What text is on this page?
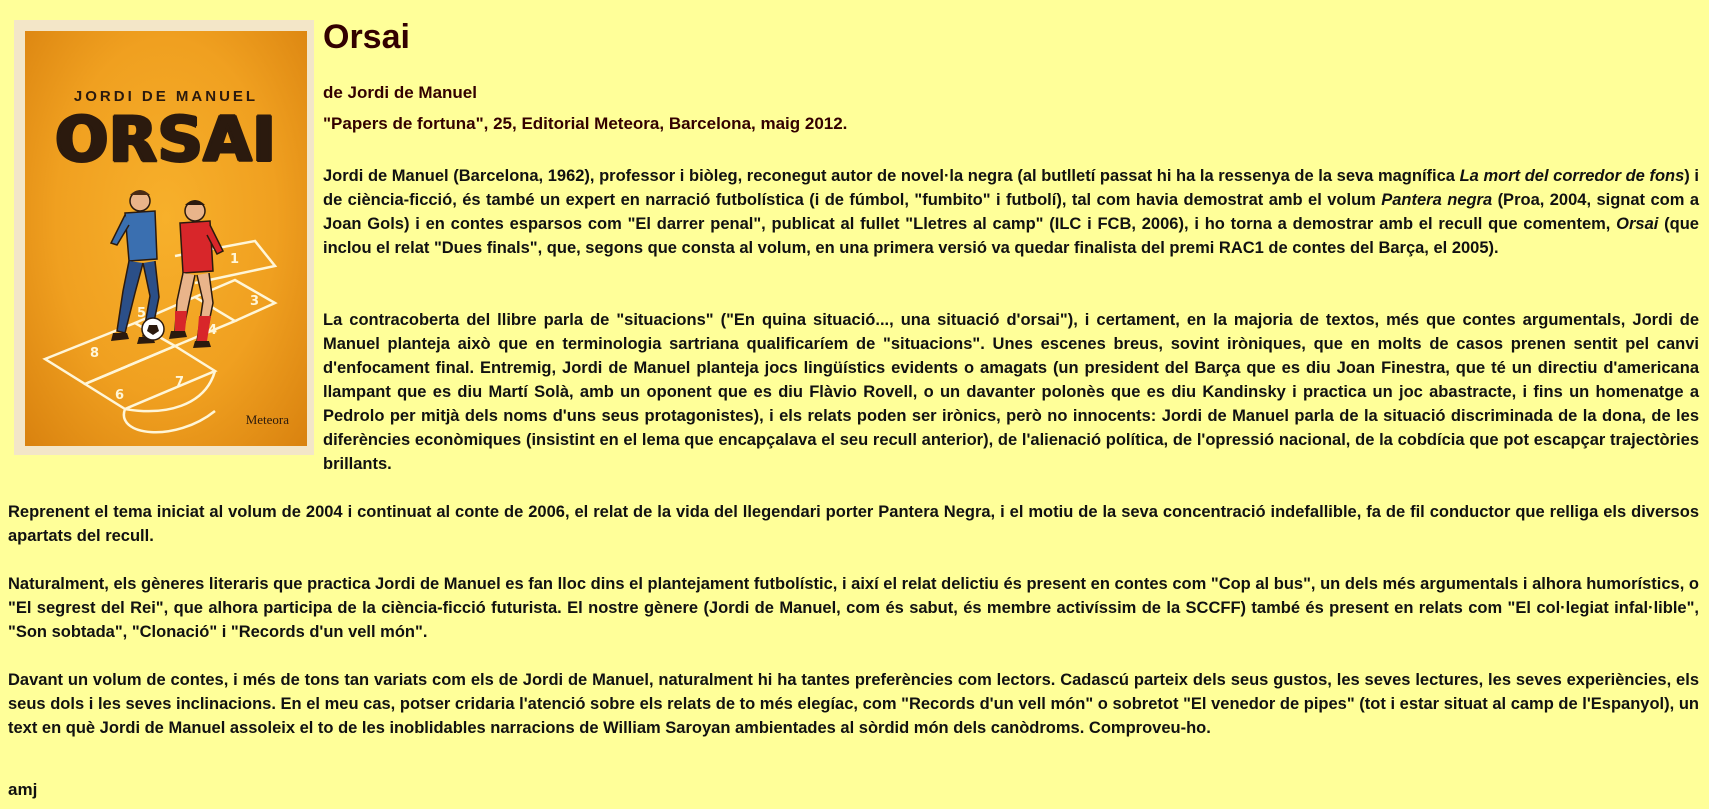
JORDI DE MANUEL
ORSAI
6
7
8
4
5
3
1
Meteora
Orsai

de Jordi de Manuel

"Papers de fortuna", 25, Editorial Meteora, Barcelona, maig 2012.

Jordi de Manuel (Barcelona, 1962), professor i biòleg, reconegut autor de novel·la negra (al butlletí passat hi ha la ressenya de la seva magnífica La mort del corredor de fons) i de ciència-ficció, és també un expert en narració futbolística (i de fúmbol, "fumbito" i futbolí), tal com havia demostrat amb el volum Pantera negra (Proa, 2004, signat com a Joan Gols) i en contes esparsos com "El darrer penal", publicat al fullet "Lletres al camp" (ILC i FCB, 2006), i ho torna a demostrar amb el recull que comentem, Orsai (que inclou el relat "Dues finals", que, segons que consta al volum, en una primera versió va quedar finalista del premi RAC1 de contes del Barça, el 2005).

La contracoberta del llibre parla de "situacions" ("En quina situació..., una situació d'orsai"), i certament, en la majoria de textos, més que contes argumentals, Jordi de Manuel planteja això que en terminologia sartriana qualificaríem de "situacions". Unes escenes breus, sovint iròniques, que en molts de casos prenen sentit pel canvi d'enfocament final. Entremig, Jordi de Manuel planteja jocs lingüístics evidents o amagats (un president del Barça que es diu Joan Finestra, que té un directiu d'americana llampant que es diu Martí Solà, amb un oponent que es diu Flàvio Rovell, o un davanter polonès que es diu Kandinsky i practica un joc abastracte, i fins un homenatge a Pedrolo per mitjà dels noms d'uns seus protagonistes), i els relats poden ser irònics, però no innocents: Jordi de Manuel parla de la situació discriminada de la dona, de les diferències econòmiques (insistint en el lema que encapçalava el seu recull anterior), de l'alienació política, de l'opressió nacional, de la cobdícia que pot escapçar trajectòries brillants.

Reprenent el tema iniciat al volum de 2004 i continuat al conte de 2006, el relat de la vida del llegendari porter Pantera Negra, i el motiu de la seva concentració indefallible, fa de fil conductor que relliga els diversos apartats del recull.

Naturalment, els gèneres literaris que practica Jordi de Manuel es fan lloc dins el plantejament futbolístic, i així el relat delictiu és present en contes com "Cop al bus", un dels més argumentals i alhora humorístics, o "El segrest del Rei", que alhora participa de la ciència-ficció futurista. El nostre gènere (Jordi de Manuel, com és sabut, és membre activíssim de la SCCFF) també és present en relats com "El col·legiat infal·lible", "Son sobtada", "Clonació" i "Records d'un vell món".

Davant un volum de contes, i més de tons tan variats com els de Jordi de Manuel, naturalment hi ha tantes preferències com lectors. Cadascú parteix dels seus gustos, les seves lectures, les seves experiències, els seus dols i les seves inclinacions. En el meu cas, potser cridaria l'atenció sobre els relats de to més elegíac, com "Records d'un vell món" o sobretot "El venedor de pipes" (tot i estar situat al camp de l'Espanyol), un text en què Jordi de Manuel assoleix el to de les inoblidables narracions de William Saroyan ambientades al sòrdid món dels canòdroms. Comproveu-ho.

amj
